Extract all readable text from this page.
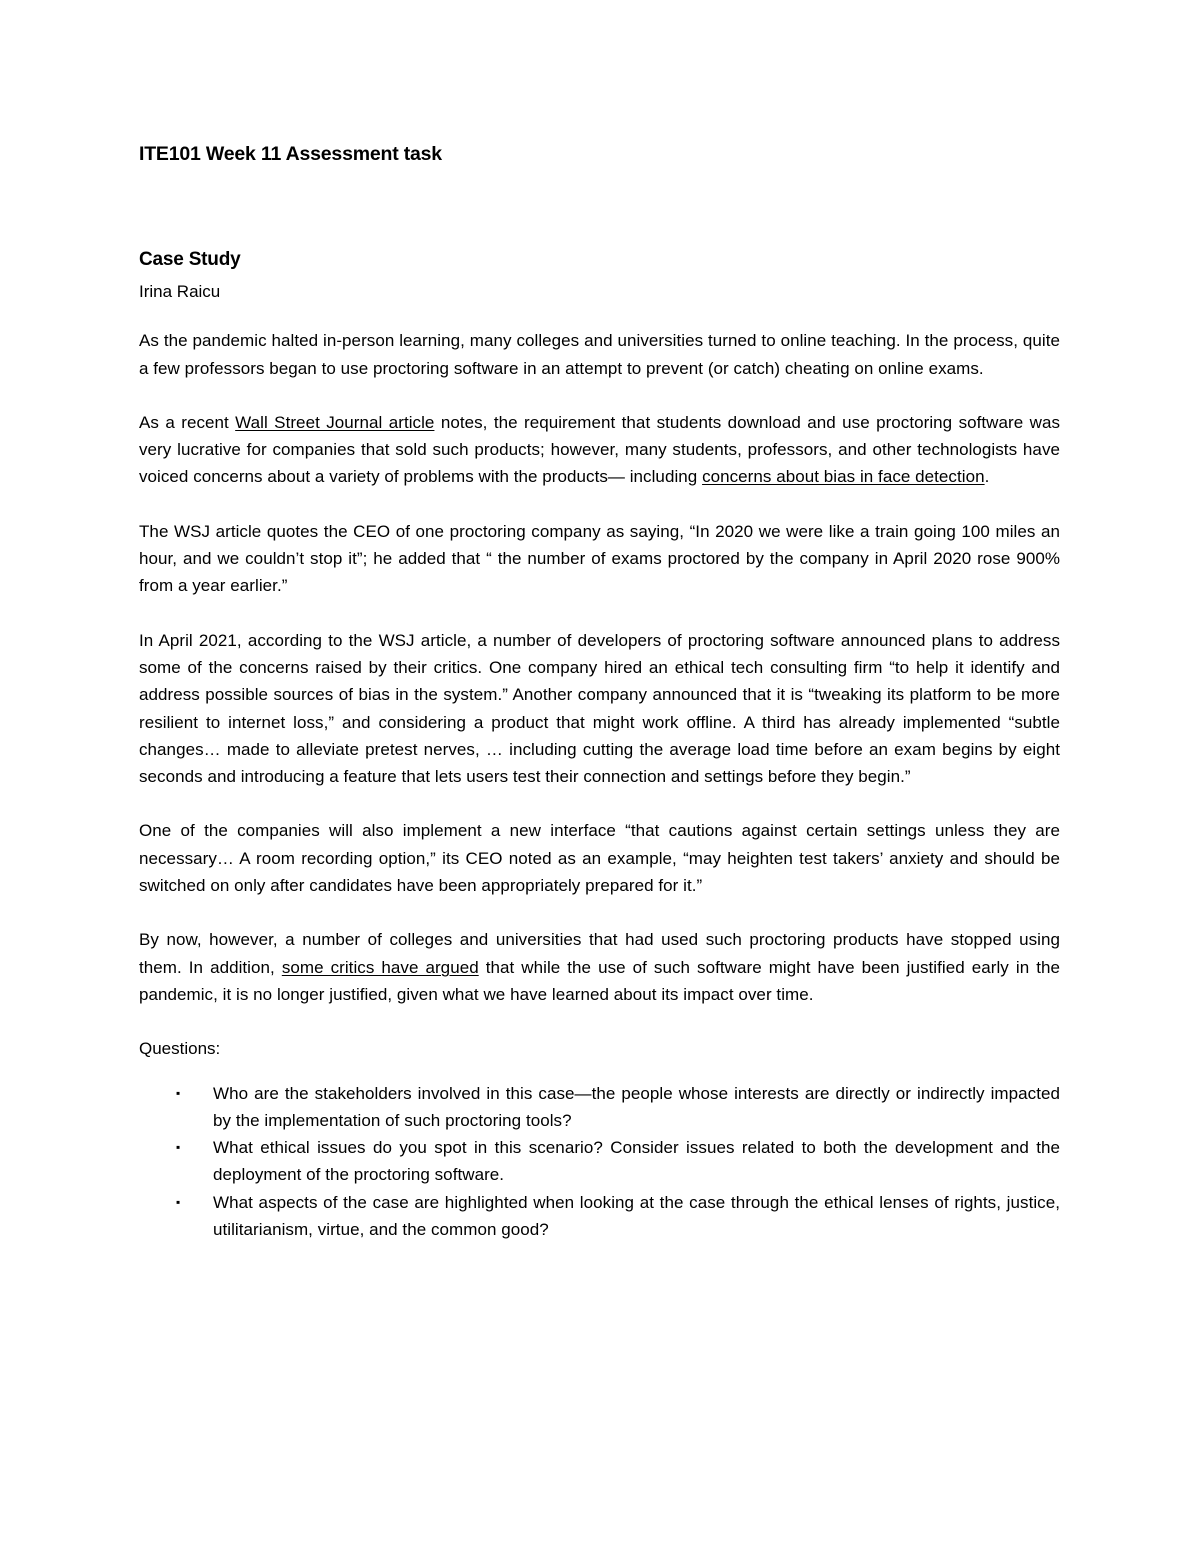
ITE101 Week 11 Assessment task
Case Study
Irina Raicu

As the pandemic halted in-person learning, many colleges and universities turned to online teaching. In the process, quite a few professors began to use proctoring software in an attempt to prevent (or catch) cheating on online exams.

As a recent Wall Street Journal article notes, the requirement that students download and use proctoring software was very lucrative for companies that sold such products; however, many students, professors, and other technologists have voiced concerns about a variety of problems with the products— including concerns about bias in face detection.

The WSJ article quotes the CEO of one proctoring company as saying, “In 2020 we were like a train going 100 miles an hour, and we couldn’t stop it”; he added that “ the number of exams proctored by the company in April 2020 rose 900% from a year earlier.”

In April 2021, according to the WSJ article, a number of developers of proctoring software announced plans to address some of the concerns raised by their critics. One company hired an ethical tech consulting firm “to help it identify and address possible sources of bias in the system.” Another company announced that it is “tweaking its platform to be more resilient to internet loss,” and considering a product that might work offline. A third has already implemented “subtle changes… made to alleviate pretest nerves, … including cutting the average load time before an exam begins by eight seconds and introducing a feature that lets users test their connection and settings before they begin.”

One of the companies will also implement a new interface “that cautions against certain settings unless they are necessary… A room recording option,” its CEO noted as an example, “may heighten test takers’ anxiety and should be switched on only after candidates have been appropriately prepared for it.”

By now, however, a number of colleges and universities that had used such proctoring products have stopped using them. In addition, some critics have argued that while the use of such software might have been justified early in the pandemic, it is no longer justified, given what we have learned about its impact over time.

Questions:
▪ Who are the stakeholders involved in this case—the people whose interests are directly or indirectly impacted by the implementation of such proctoring tools?
▪ What ethical issues do you spot in this scenario? Consider issues related to both the development and the deployment of the proctoring software.
▪ What aspects of the case are highlighted when looking at the case through the ethical lenses of rights, justice, utilitarianism, virtue, and the common good?
